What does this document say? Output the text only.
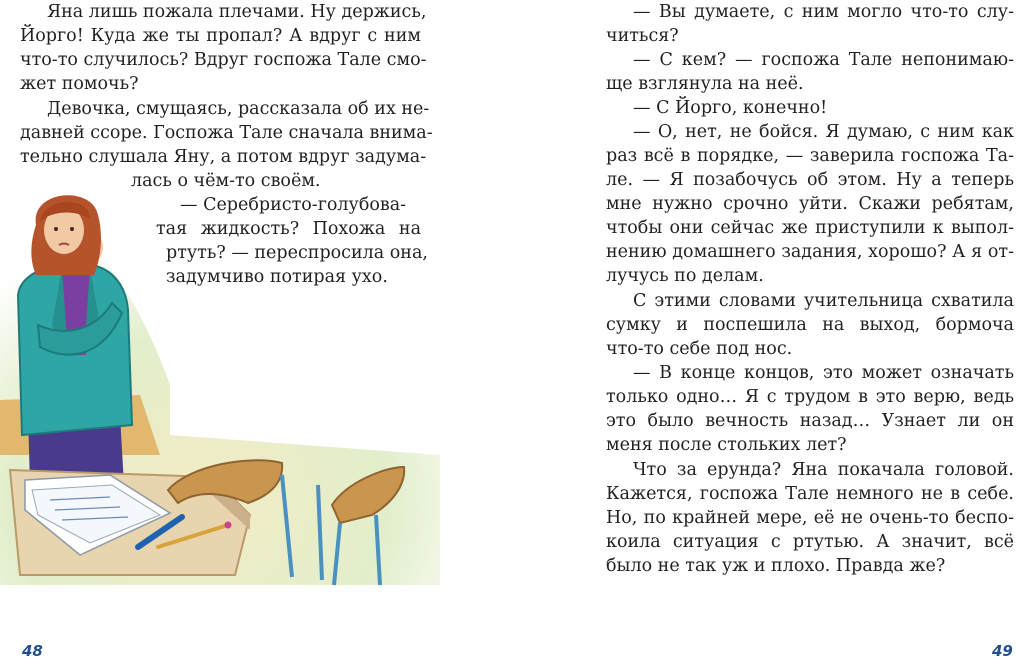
Яна лишь пожала плечами. Ну держись,
Йорго! Куда же ты пропал? А вдруг с ним
что-то случилось? Вдруг госпожа Тале смо-
жет помочь?
Девочка, смущаясь, рассказала об их не-
давней ссоре. Госпожа Тале сначала внима-
тельно слушала Яну, а потом вдруг задума-
лась о чём-то своём.
— Серебристо-голубова-
тая жидкость? Похожа на
ртуть? — переспросила она,
задумчиво потирая ухо.
48
— Вы думаете, с ним могло что-то слу-
читься?
— С кем? — госпожа Тале непонимаю-
ще взглянула на неё.
— С Йорго, конечно!
— О, нет, не бойся. Я думаю, с ним как
раз всё в порядке, — заверила госпожа Та-
ле. — Я позабочусь об этом. Ну а теперь
мне нужно срочно уйти. Скажи ребятам,
чтобы они сейчас же приступили к выпол-
нению домашнего задания, хорошо? А я от-
лучусь по делам.
С этими словами учительница схватила
сумку и поспешила на выход, бормоча
что-то себе под нос.
— В конце концов, это может означать
только одно… Я с трудом в это верю, ведь
это было вечность назад… Узнает ли он
меня после стольких лет?
Что за ерунда? Яна покачала головой.
Кажется, госпожа Тале немного не в себе.
Но, по крайней мере, её не очень-то беспо-
коила ситуация с ртутью. А значит, всё
было не так уж и плохо. Правда же?
49
